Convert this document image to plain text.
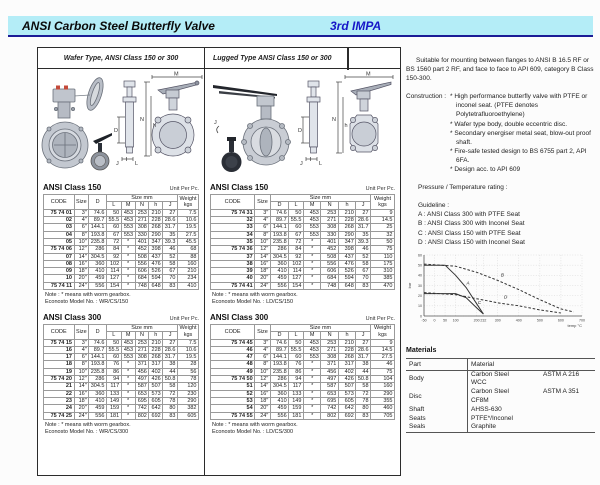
ANSI Carbon Steel Butterfly Valve	3rd IMPA
Wafer Type, ANSI Class 150 or 300
D
J	L
M
N
h
ANSI Class 150	Unit Per Pc.
CODE	Size	D	Size mm					Weight
kgs
			L	M	N	h	J	
75 74 01	3"	74.6	50	453	253	210	27	7.5
02	4"	89.7	55.5	453	271	228	28.6	10.6
03	6"	144.1	60	553	308	268	31.7	19.5
04	8"	193.8	67	553	330	290	35	27.5
05	10"	235.8	72	*	401	347	39.3	45.5
75 74 06	12"	286	84	*	452	398	46	68
07	14"	304.5	92	*	508	437	52	88
08	16"	360	102	*	556	476	58	160
09	18"	410	114	*	606	526	67	210
10	20"	459	127	*	684	594	70	234
75 74 11	24"	556	154	*	748	648	83	410
Note : * means with worm gearbox.
Econosto Model No. : WR/CS/150
ANSI Class 300	Unit Per Pc.
CODE	Size	D	Size mm					Weight
kgs
			L	M	N	h	J	
75 74 15	3"	74.6	50	453	253	210	27	7.5
16	4"	89.7	55.5	453	271	228	28.6	10.6
17	6"	144.1	60	553	308	268	31.7	19.5
18	8"	193.8	76	*	371	317	38	28
19	10"	235.8	86	*	456	402	44	56
75 74 20	12"	286	94	*	497	426	50.8	78
21	14"	304.5	117	*	587	507	58	120
22	16"	360	133	*	653	573	72	230
23	18"	410	149	*	695	605	78	290
24	20"	459	159	*	742	642	80	382
75 74 25	24"	556	181	*	802	692	83	605
Note : * means with worm gearbox.
Econosto Model No. : WR/CS/300
Lugged Type ANSI Class 150 or 300
J
D
J	L
M
N
h
ANSI Class 150	Unit Per Pc.
CODE	Size	Size mm						Weight
kgs
		D	L	M	N	h	J	
75 74 31	3"	74.6	50	453	253	210	27	9
32	4"	89.7	55.5	453	271	228	28.6	14.5
33	6"	144.1	60	553	308	268	31.7	25
34	8"	193.8	67	553	330	290	35	32
35	10"	235.8	72	*	401	347	39.3	50
75 74 36	12"	286	84	*	452	398	46	75
37	14"	304.5	92	*	508	437	52	110
38	16"	360	102	*	556	476	58	175
39	18"	410	114	*	606	526	67	310
40	20"	459	127	*	684	594	70	385
75 74 41	24"	556	154	*	748	648	83	470
Note : * means with worm gearbox.
Econosto Model No. : LD/CS/150
ANSI Class 300	Unit Per Pc.
CODE	Size	Size mm						Weight
kgs
		D	L	M	N	h	J	
75 74 45	3"	74.6	50	453	253	210	27	9
46	4"	89.7	55.5	453	271	228	28.6	14.5
47	6"	144.1	60	553	308	268	31.7	27.5
48	8"	193.8	76	*	371	317	38	46
49	10"	235.8	86	*	456	402	44	75
75 74 50	12"	286	94	*	497	426	50.8	104
51	14"	304.5	117	*	587	507	58	160
52	16"	360	133	*	653	573	72	290
53	18"	410	149	*	695	605	78	355
54	20"	459	159	*	742	642	80	460
75 74 55	24"	556	181	*	802	692	83	705
Note : * means with worm gearbox.
Econosto Model No. : LD/CS/300
Suitable for mounting between flanges to ANSI B 16.5 RF or BS 1560 part 2 RF, and face to face to API 609, category B Class 150-300.
Construction : * High performance butterfly valve with PTFE or inconel seat. (PTFE denotes Polytetrafluoroethylene)
* Wafer type body, double eccentric disc.
* Secondary energiser metal seat, blow-out proof shaft.
* Fire-safe tested design to BS 6755 part 2, API 6FA.
* Design acc. to API 609
Pressure / Temperature rating :
Guideline :
A : ANSI Class 300 with PTFE Seat
B : ANSI Class 300 with Inconel Seat
C : ANSI Class 150 with PTFE Seat
D : ANSI Class 150 with Inconel Seat
-50 0 50 100	200 232 300	400	500	600	700
0
10
20
30
40
50
60
A
B
C
D
temp °C
bar
Materials
Part	Material
Body	Carbon Steel ASTM A 216 WCC
Disc	Carbon Steel ASTM A 351 CF8M
Shaft	AHSS-630
Seats	PTFE*/Inconel
Seals	Graphite
